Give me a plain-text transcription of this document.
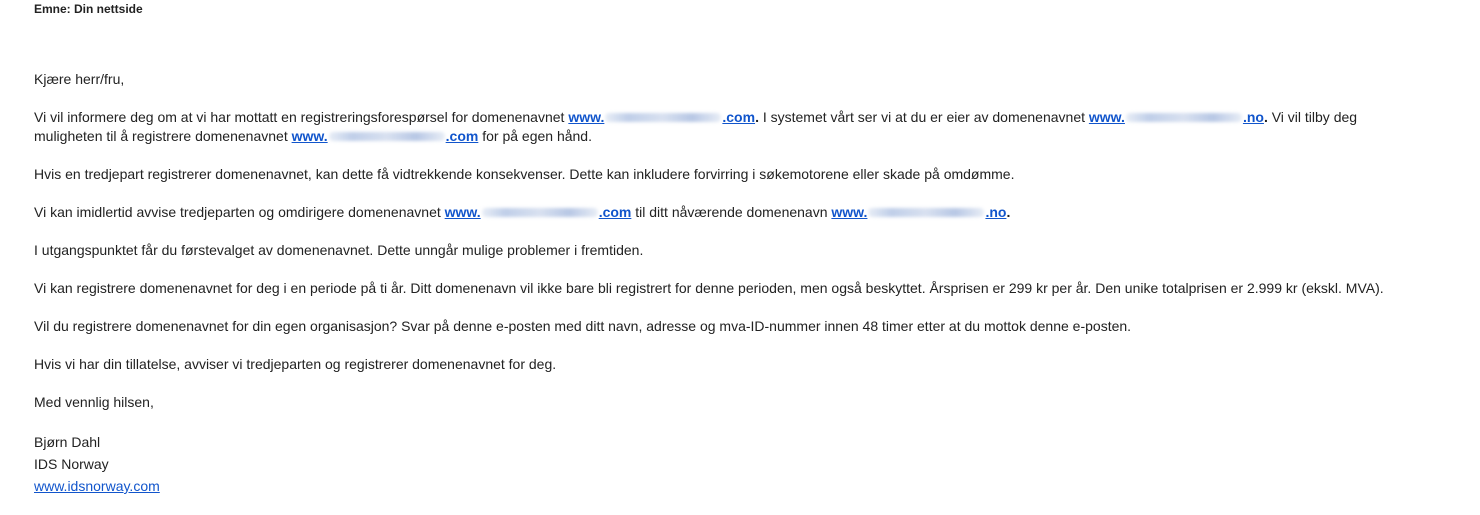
Emne: Din nettside
Kjære herr/fru,
Vi vil informere deg om at vi har mottatt en registreringsforespørsel for domenenavnet www.	.com. I systemet vårt ser vi at du er eier av domenenavnet www.	.no. Vi vil tilby deg
muligheten til å registrere domenenavnet www.	.com for på egen hånd.
Hvis en tredjepart registrerer domenenavnet, kan dette få vidtrekkende konsekvenser. Dette kan inkludere forvirring i søkemotorene eller skade på omdømme.
Vi kan imidlertid avvise tredjeparten og omdirigere domenenavnet www.	.com til ditt nåværende domenenavn www.	.no.
I utgangspunktet får du førstevalget av domenenavnet. Dette unngår mulige problemer i fremtiden.
Vi kan registrere domenenavnet for deg i en periode på ti år. Ditt domenenavn vil ikke bare bli registrert for denne perioden, men også beskyttet. Årsprisen er 299 kr per år. Den unike totalprisen er 2.999 kr (ekskl. MVA).
Vil du registrere domenenavnet for din egen organisasjon? Svar på denne e-posten med ditt navn, adresse og mva-ID-nummer innen 48 timer etter at du mottok denne e-posten.
Hvis vi har din tillatelse, avviser vi tredjeparten og registrerer domenenavnet for deg.
Med vennlig hilsen,
Bjørn Dahl
IDS Norway
www.idsnorway.com
